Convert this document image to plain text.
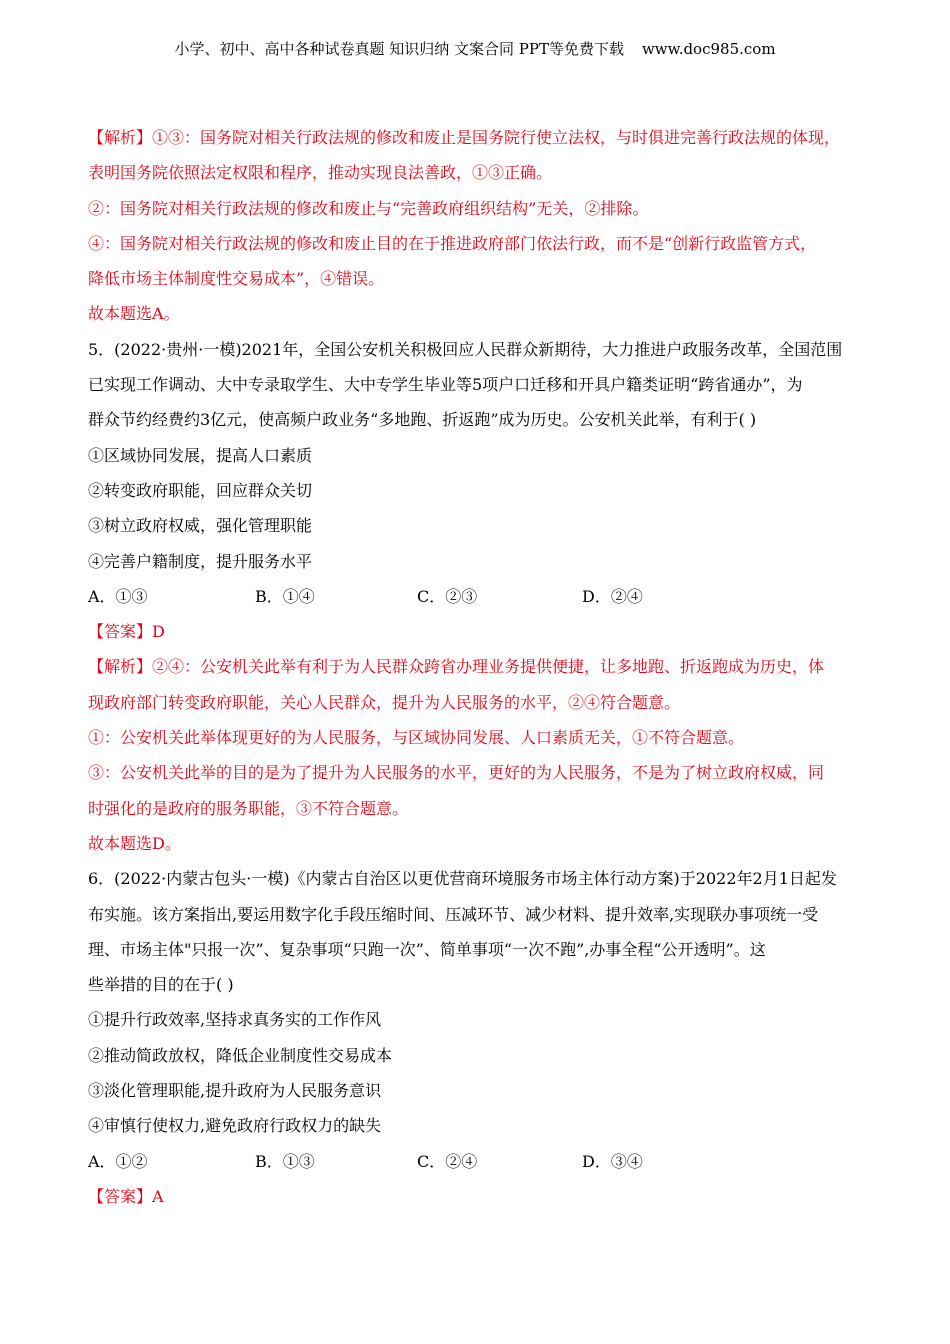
小学、初中、高中各种试卷真题 知识归纳 文案合同 PPT等免费下载 www.doc985.com
【解析】①③：国务院对相关行政法规的修改和废止是国务院行使立法权，与时俱进完善行政法规的体现，
表明国务院依照法定权限和程序，推动实现良法善政，①③正确。
②：国务院对相关行政法规的修改和废止与“完善政府组织结构”无关，②排除。
④：国务院对相关行政法规的修改和废止目的在于推进政府部门依法行政，而不是“创新行政监管方式，
降低市场主体制度性交易成本”，④错误。
故本题选A。
5．(2022·贵州·一模)2021年，全国公安机关积极回应人民群众新期待，大力推进户政服务改革，全国范围
已实现工作调动、大中专录取学生、大中专学生毕业等5项户口迁移和开具户籍类证明“跨省通办”，为
群众节约经费约3亿元，使高频户政业务“多地跑、折返跑”成为历史。公安机关此举，有利于( )
①区域协同发展，提高人口素质
②转变政府职能，回应群众关切
③树立政府权威，强化管理职能
④完善户籍制度，提升服务水平
A．①③	B．①④	C．②③	D．②④
【答案】D
【解析】②④：公安机关此举有利于为人民群众跨省办理业务提供便捷，让多地跑、折返跑成为历史，体
现政府部门转变政府职能，关心人民群众，提升为人民服务的水平，②④符合题意。
①：公安机关此举体现更好的为人民服务，与区域协同发展、人口素质无关，①不符合题意。
③：公安机关此举的目的是为了提升为人民服务的水平，更好的为人民服务，不是为了树立政府权威，同
时强化的是政府的服务职能，③不符合题意。
故本题选D。
6．(2022·内蒙古包头·一模)《内蒙古自治区以更优营商环境服务市场主体行动方案)于2022年2月1日起发
布实施。该方案指出,要运用数字化手段压缩时间、压减环节、减少材料、提升效率,实现联办事项统一受
理、市场主体"只报一次”、复杂事项“只跑一次”、简单事项“一次不跑”,办事全程“公开透明”。这
些举措的目的在于( )
①提升行政效率,坚持求真务实的工作作风
②推动简政放权，降低企业制度性交易成本
③淡化管理职能,提升政府为人民服务意识
④审慎行使权力,避免政府行政权力的缺失
A．①②	B．①③	C．②④	D．③④
【答案】A
